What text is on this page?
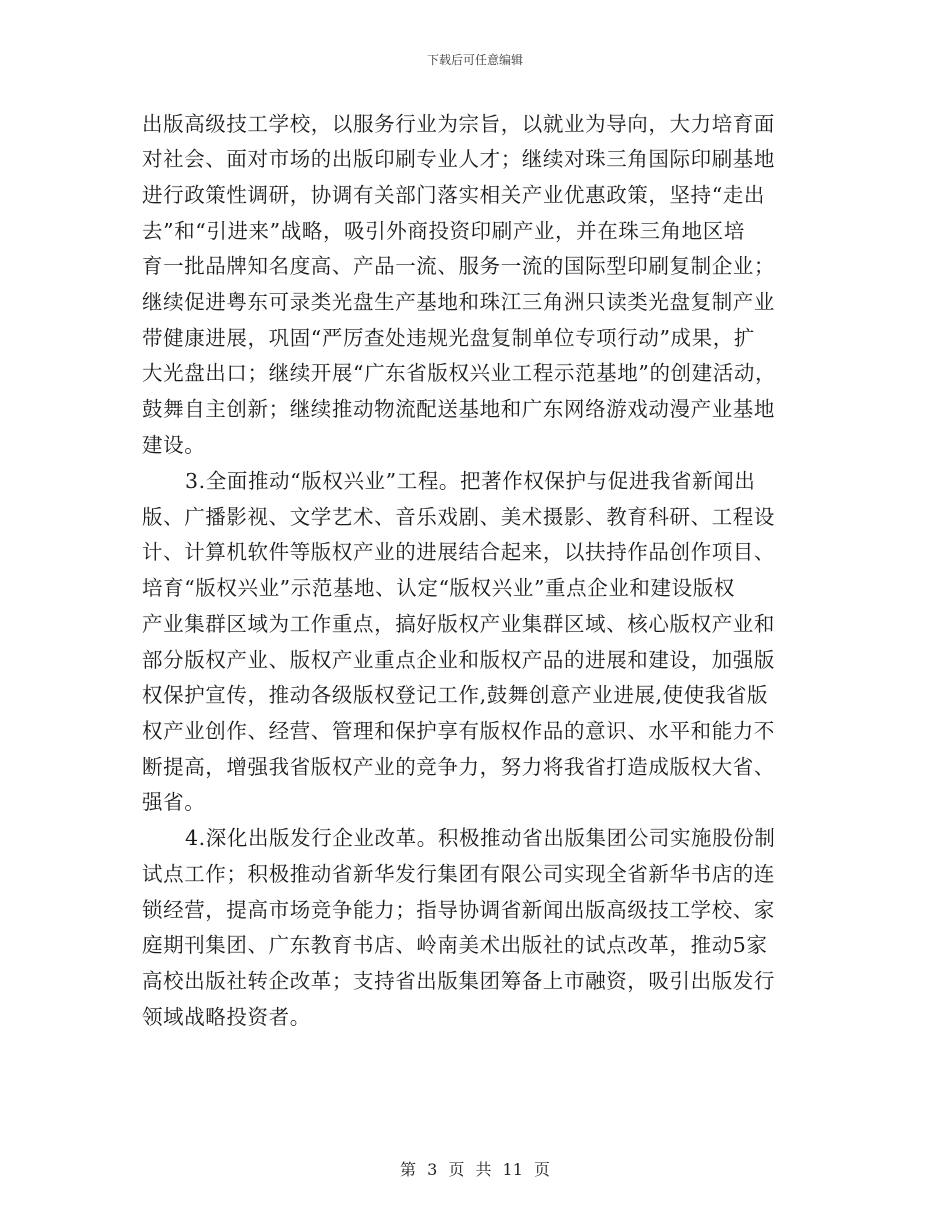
下载后可任意编辑
出版高级技工学校，以服务行业为宗旨，以就业为导向，大力培育面
对社会、面对市场的出版印刷专业人才；继续对珠三角国际印刷基地
进行政策性调研，协调有关部门落实相关产业优惠政策，坚持“走出
去”和“引进来”战略，吸引外商投资印刷产业，并在珠三角地区培
育一批品牌知名度高、产品一流、服务一流的国际型印刷复制企业；
继续促进粤东可录类光盘生产基地和珠江三角洲只读类光盘复制产业
带健康进展，巩固“严厉查处违规光盘复制单位专项行动”成果，扩
大光盘出口；继续开展“广东省版权兴业工程示范基地”的创建活动，
鼓舞自主创新；继续推动物流配送基地和广东网络游戏动漫产业基地
建设。
3.全面推动“版权兴业”工程。把著作权保护与促进我省新闻出
版、广播影视、文学艺术、音乐戏剧、美术摄影、教育科研、工程设
计、计算机软件等版权产业的进展结合起来，以扶持作品创作项目、
培育“版权兴业”示范基地、认定“版权兴业”重点企业和建设版权
产业集群区域为工作重点，搞好版权产业集群区域、核心版权产业和
部分版权产业、版权产业重点企业和版权产品的进展和建设，加强版
权保护宣传，推动各级版权登记工作,鼓舞创意产业进展,使使我省版
权产业创作、经营、管理和保护享有版权作品的意识、水平和能力不
断提高，增强我省版权产业的竞争力，努力将我省打造成版权大省、
强省。
4.深化出版发行企业改革。积极推动省出版集团公司实施股份制
试点工作；积极推动省新华发行集团有限公司实现全省新华书店的连
锁经营，提高市场竞争能力；指导协调省新闻出版高级技工学校、家
庭期刊集团、广东教育书店、岭南美术出版社的试点改革，推动5家
高校出版社转企改革；支持省出版集团筹备上市融资，吸引出版发行
领域战略投资者。
第 3 页 共 11 页
